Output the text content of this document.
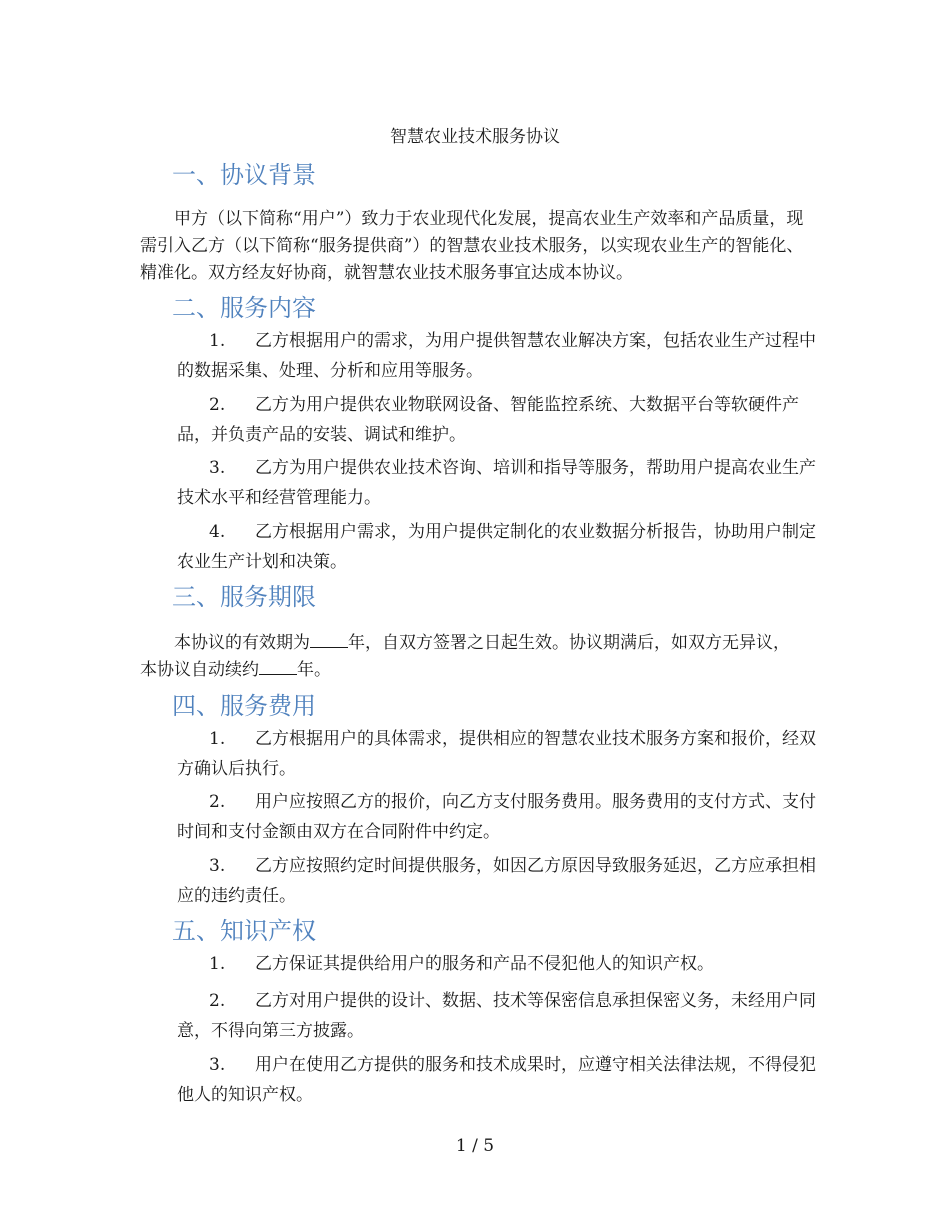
智慧农业技术服务协议
一、协议背景
甲方（以下简称“用户”）致力于农业现代化发展，提高农业生产效率和产品质量，现需引入乙方（以下简称“服务提供商”）的智慧农业技术服务，以实现农业生产的智能化、精准化。双方经友好协商，就智慧农业技术服务事宜达成本协议。
二、服务内容
1. 乙方根据用户的需求，为用户提供智慧农业解决方案，包括农业生产过程中的数据采集、处理、分析和应用等服务。
2. 乙方为用户提供农业物联网设备、智能监控系统、大数据平台等软硬件产品，并负责产品的安装、调试和维护。
3. 乙方为用户提供农业技术咨询、培训和指导等服务，帮助用户提高农业生产技术水平和经营管理能力。
4. 乙方根据用户需求，为用户提供定制化的农业数据分析报告，协助用户制定农业生产计划和决策。
三、服务期限
本协议的有效期为 年，自双方签署之日起生效。协议期满后，如双方无异议，本协议自动续约 年。
四、服务费用
1. 乙方根据用户的具体需求，提供相应的智慧农业技术服务方案和报价，经双方确认后执行。
2. 用户应按照乙方的报价，向乙方支付服务费用。服务费用的支付方式、支付时间和支付金额由双方在合同附件中约定。
3. 乙方应按照约定时间提供服务，如因乙方原因导致服务延迟，乙方应承担相应的违约责任。
五、知识产权
1. 乙方保证其提供给用户的服务和产品不侵犯他人的知识产权。
2. 乙方对用户提供的设计、数据、技术等保密信息承担保密义务，未经用户同意，不得向第三方披露。
3. 用户在使用乙方提供的服务和技术成果时，应遵守相关法律法规，不得侵犯他人的知识产权。
1 / 5
